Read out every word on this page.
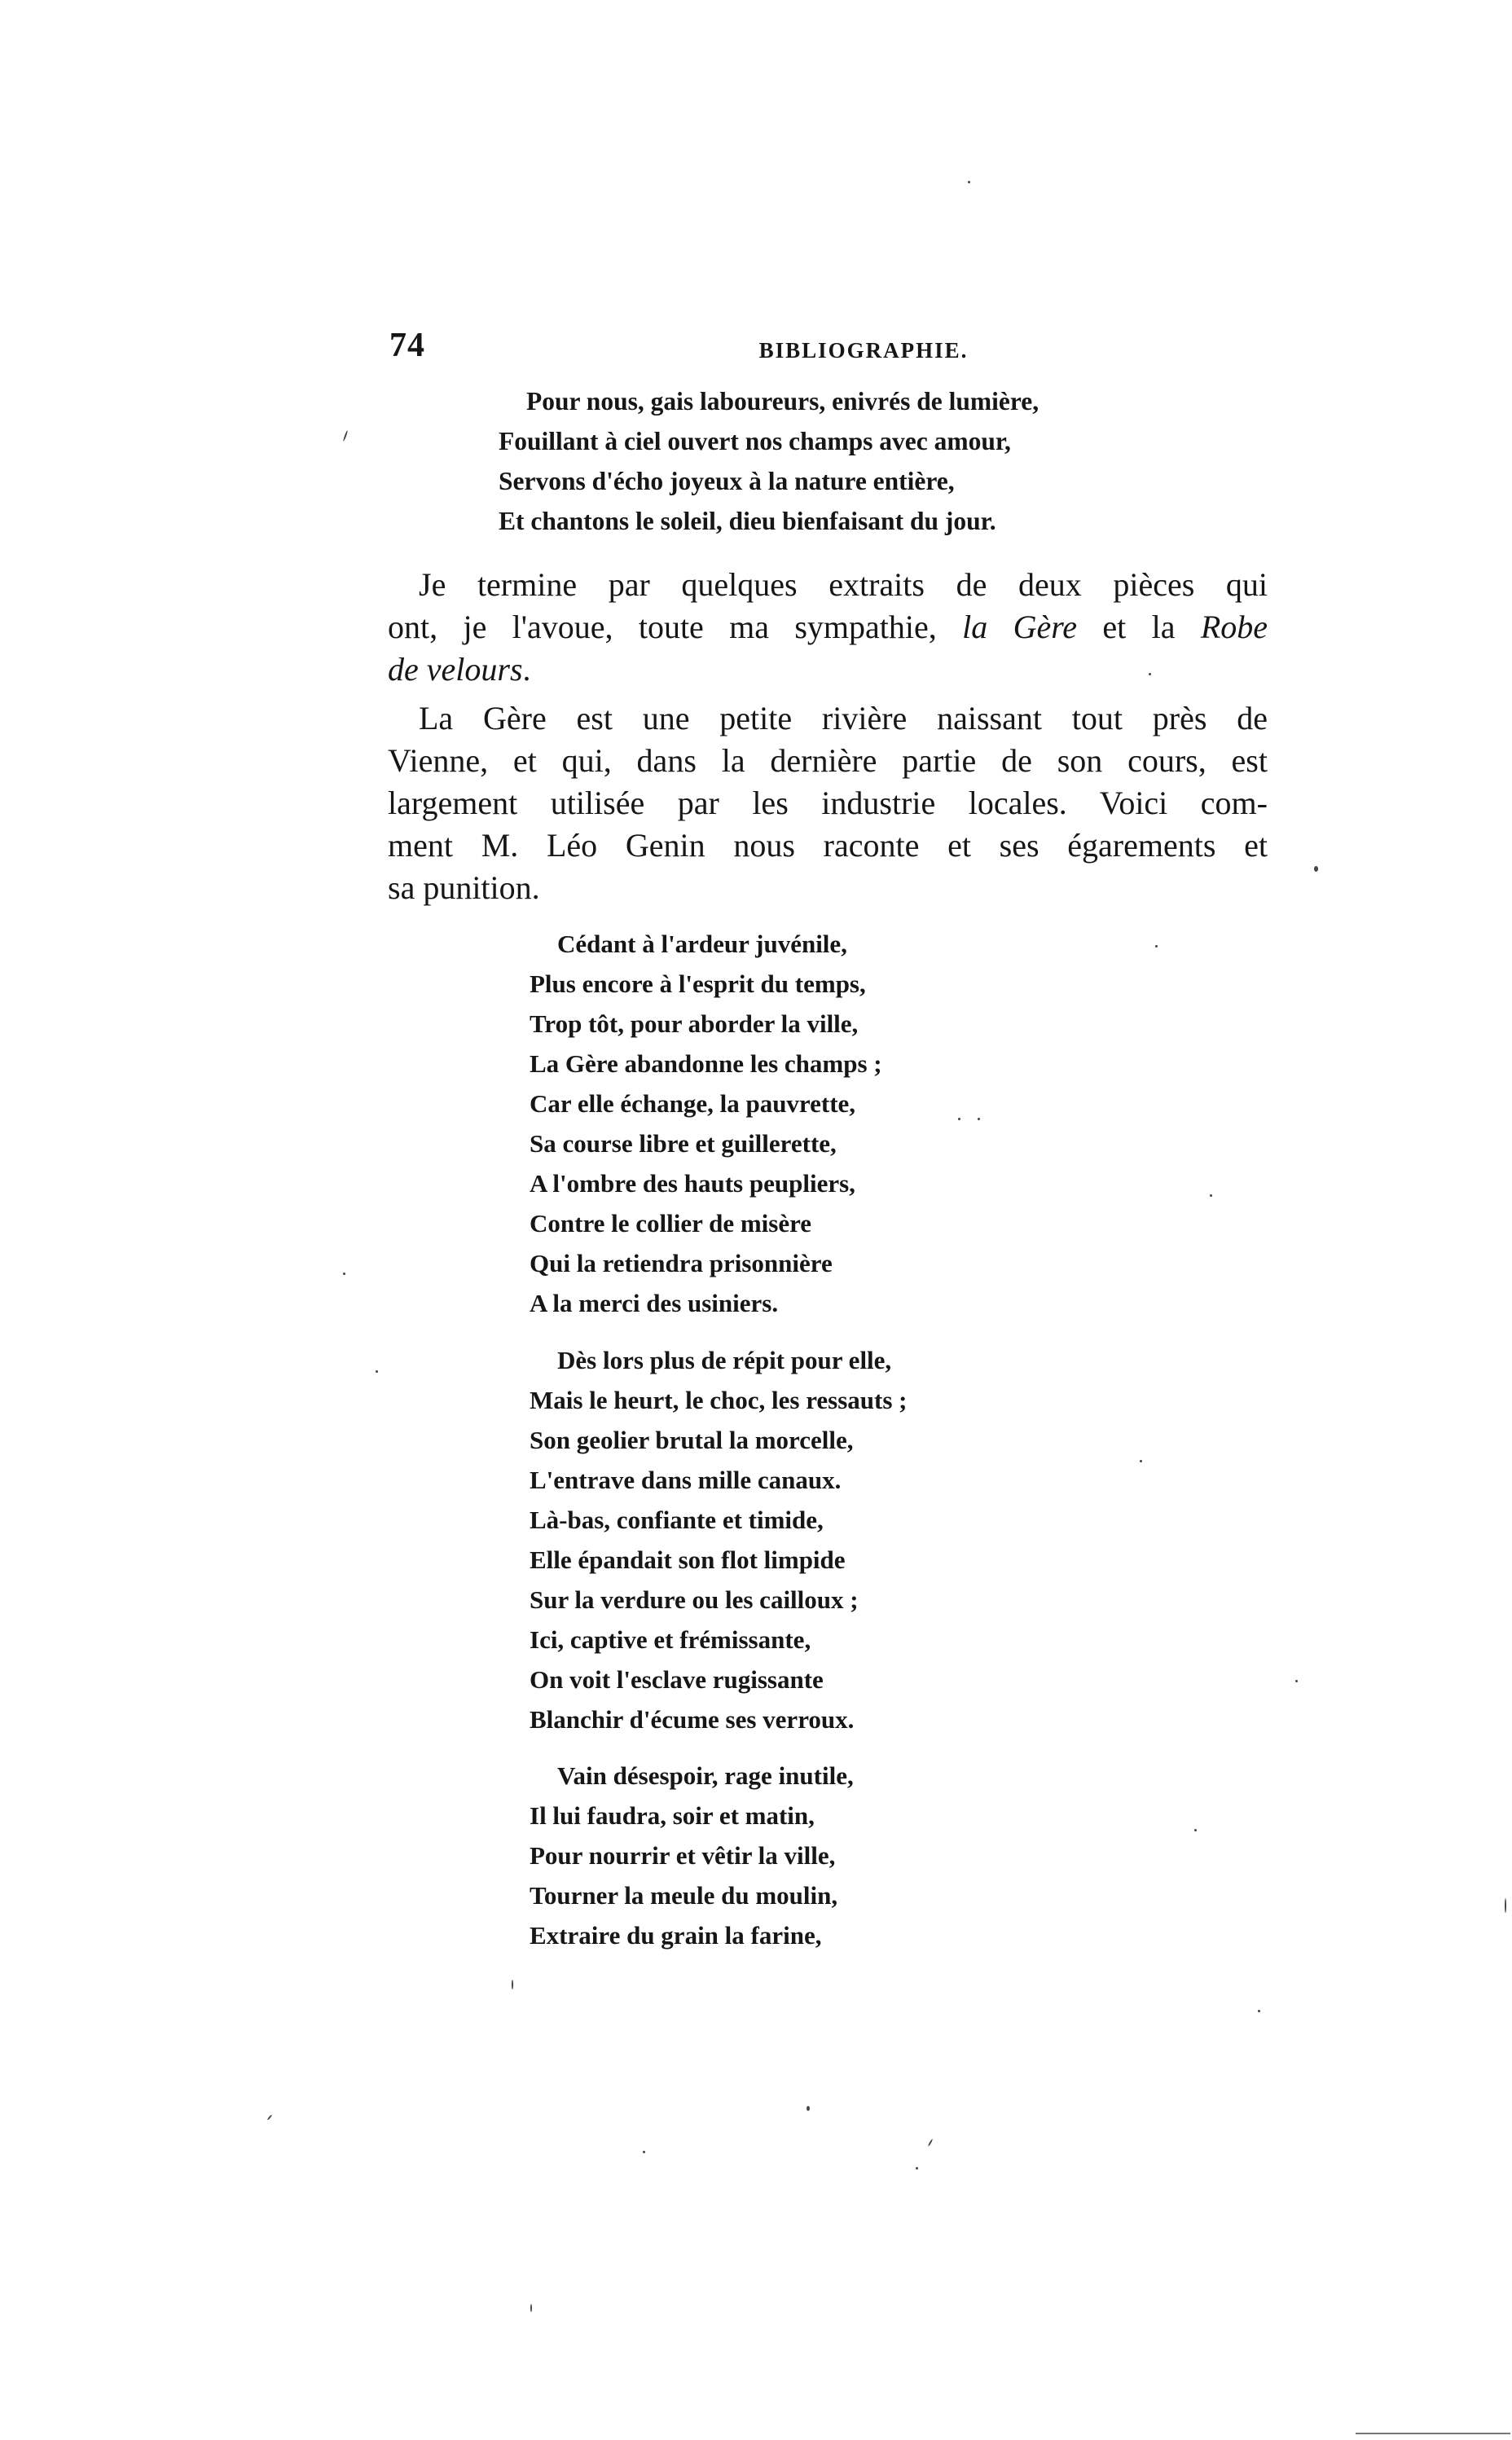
74	BIBLIOGRAPHIE.
Pour nous, gais laboureurs, enivrés de lumière,
Fouillant à ciel ouvert nos champs avec amour,
Servons d'écho joyeux à la nature entière,
Et chantons le soleil, dieu bienfaisant du jour.
Je termine par quelques extraits de deux pièces qui
ont, je l'avoue, toute ma sympathie, la Gère et la Robe
de velours.
La Gère est une petite rivière naissant tout près de
Vienne, et qui, dans la dernière partie de son cours, est
largement utilisée par les industrie locales. Voici com-
ment M. Léo Genin nous raconte et ses égarements et
sa punition.
Cédant à l'ardeur juvénile,
Plus encore à l'esprit du temps,
Trop tôt, pour aborder la ville,
La Gère abandonne les champs ;
Car elle échange, la pauvrette,
Sa course libre et guillerette,
A l'ombre des hauts peupliers,
Contre le collier de misère
Qui la retiendra prisonnière
A la merci des usiniers.
Dès lors plus de répit pour elle,
Mais le heurt, le choc, les ressauts ;
Son geolier brutal la morcelle,
L'entrave dans mille canaux.
Là-bas, confiante et timide,
Elle épandait son flot limpide
Sur la verdure ou les cailloux ;
Ici, captive et frémissante,
On voit l'esclave rugissante
Blanchir d'écume ses verroux.
Vain désespoir, rage inutile,
Il lui faudra, soir et matin,
Pour nourrir et vêtir la ville,
Tourner la meule du moulin,
Extraire du grain la farine,
